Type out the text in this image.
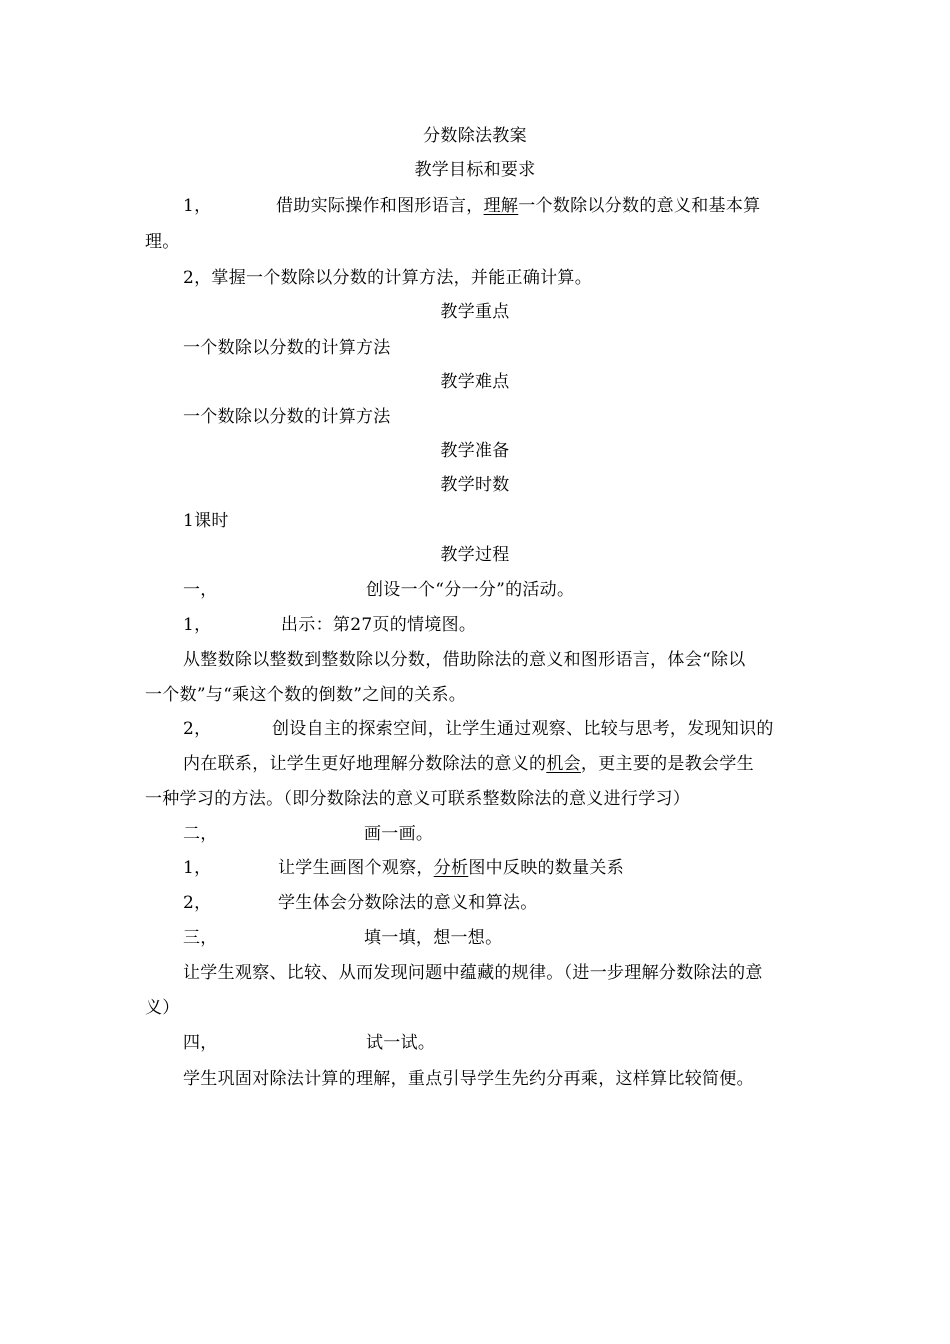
分数除法教案
教学目标和要求
1，	借助实际操作和图形语言，理解一个数除以分数的意义和基本算
理。
2，掌握一个数除以分数的计算方法，并能正确计算。
教学重点
一个数除以分数的计算方法
教学难点
一个数除以分数的计算方法
教学准备
教学时数
1课时
教学过程
一，	创设一个“分一分”的活动。
1，	出示：第27页的情境图。
从整数除以整数到整数除以分数，借助除法的意义和图形语言，体会“除以
一个数”与“乘这个数的倒数”之间的关系。
2，	创设自主的探索空间，让学生通过观察、比较与思考，发现知识的
内在联系，让学生更好地理解分数除法的意义的机会，更主要的是教会学生
一种学习的方法。（即分数除法的意义可联系整数除法的意义进行学习）
二，	画一画。
1，	让学生画图个观察，分析图中反映的数量关系
2，	学生体会分数除法的意义和算法。
三，	填一填，想一想。
让学生观察、比较、从而发现问题中蕴藏的规律。（进一步理解分数除法的意
义）
四，	试一试。
学生巩固对除法计算的理解，重点引导学生先约分再乘，这样算比较简便。
